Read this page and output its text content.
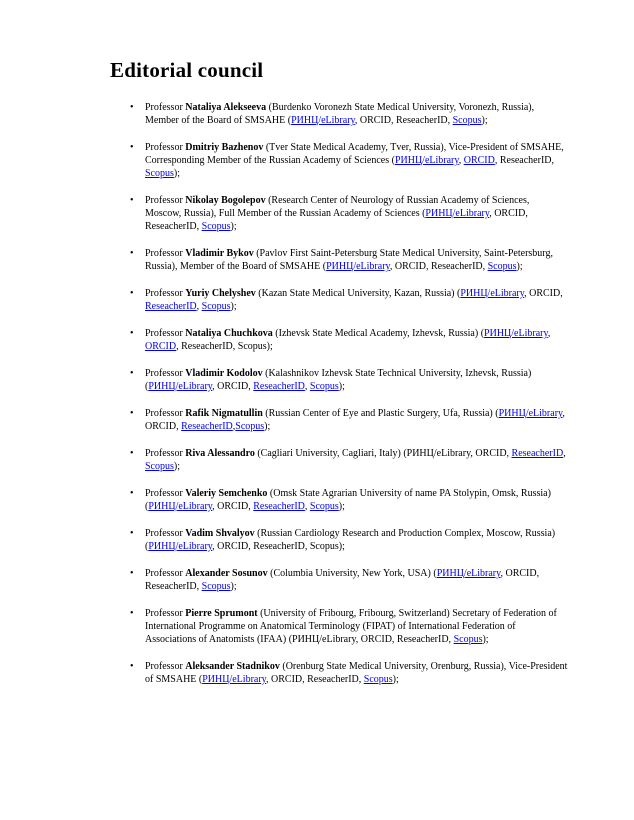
Editorial council
• Professor Nataliya Alekseeva (Burdenko Voronezh State Medical University, Voronezh, Russia), Member of the Board of SMSAHE (РИНЦ/eLibrary, ORCID, ReseacherID, Scopus);
• Professor Dmitriy Bazhenov (Tver State Medical Academy, Tver, Russia), Vice-President of SMSAHE, Corresponding Member of the Russian Academy of Sciences (РИНЦ/eLibrary, ORCID, ReseacherID, Scopus);
• Professor Nikolay Bogolepov (Research Center of Neurology of Russian Academy of Sciences, Moscow, Russia), Full Member of the Russian Academy of Sciences (РИНЦ/eLibrary, ORCID, ReseacherID, Scopus);
• Professor Vladimir Bykov (Pavlov First Saint-Petersburg State Medical University, Saint-Petersburg, Russia), Member of the Board of SMSAHE (РИНЦ/eLibrary, ORCID, ReseacherID, Scopus);
• Professor Yuriy Chelyshev (Kazan State Medical University, Kazan, Russia) (РИНЦ/eLibrary, ORCID, ReseacherID, Scopus);
• Professor Nataliya Chuchkova (Izhevsk State Medical Academy, Izhevsk, Russia) (РИНЦ/eLibrary, ORCID, ReseacherID, Scopus);
• Professor Vladimir Kodolov (Kalashnikov Izhevsk State Technical University, Izhevsk, Russia) (РИНЦ/eLibrary, ORCID, ReseacherID, Scopus);
• Professor Rafik Nigmatullin (Russian Center of Eye and Plastic Surgery, Ufa, Russia) (РИНЦ/eLibrary, ORCID, ReseacherID,Scopus);
• Professor Riva Alessandro (Cagliari University, Cagliari, Italy) (РИНЦ/eLibrary, ORCID, ReseacherID, Scopus);
• Professor Valeriy Semchenko (Omsk State Agrarian University of name PA Stolypin, Omsk, Russia) (РИНЦ/eLibrary, ORCID, ReseacherID, Scopus);
• Professor Vadim Shvalyov (Russian Cardiology Research and Production Complex, Moscow, Russia) (РИНЦ/eLibrary, ORCID, ReseacherID, Scopus);
• Professor Alexander Sosunov (Columbia University, New York, USA) (РИНЦ/eLibrary, ORCID, ReseacherID, Scopus);
• Professor Pierre Sprumont (University of Fribourg, Fribourg, Switzerland) Secretary of Federation of International Programme on Anatomical Terminology (FIPAT) of International Federation of Associations of Anatomists (IFAA) (РИНЦ/eLibrary, ORCID, ReseacherID, Scopus);
• Professor Aleksander Stadnikov (Orenburg State Medical University, Orenburg, Russia), Vice-President of SMSAHE (РИНЦ/eLibrary, ORCID, ReseacherID, Scopus);
